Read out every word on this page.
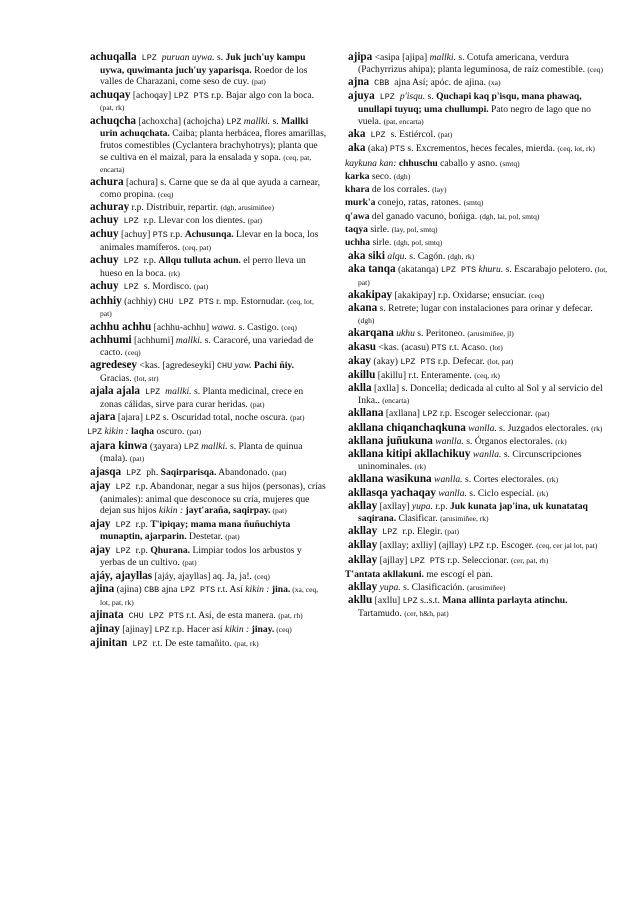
achuqalla LPZ puruan uywa. s. Juk juch'uy kampu uywa, quwimanta juch'uy yaparisqa. Roedor de los valles de Charazani, come seso de cuy. (pat)
achuqay [achoqay] LPZ PTS r.p. Bajar algo con la boca. (pat, rk)
achuqcha [achoxcha] (achojcha) LPZ mallki. s. Mallki urin achuqchata. Caiba; planta herbácea, flores amarillas, frutos comestibles (Cyclantera brachyhotrys); planta que se cultiva en el maizal, para la ensalada y sopa. (ceq, pat, encarta)
achura [achura] s. Carne que se da al que ayuda a carnear, como propina. (ceq)
achuray r.p. Distribuir, repartir. (dgh, arusimiñee)
achuy LPZ r.p. Llevar con los dientes. (pat)
achuy [achuy] PTS r.p. Achusunqa. Llevar en la boca, los animales mamíferos. (ceq, pat)
achuy LPZ r.p. Allqu tulluta achun. el perro lleva un hueso en la boca. (rk)
achuy LPZ s. Mordisco. (pat)
achhiy (achhiy) CHU LPZ PTS r. mp. Estornudar. (ceq, lot, pat)
achhu achhu [achhu-achhu] wawa. s. Castigo. (ceq)
achhumi [achhumi] mallki. s. Caracoré, una variedad de cacto. (ceq)
agredesey <kas. [agredeseyki] CHU yaw. Pachi ñiy. Gracias. (lot, str)
ajala ajala LPZ mallki. s. Planta medicinal, crece en zonas cálidas, sirve para curar heridas. (pat)
ajara [ajara] LPZ s. Oscuridad total, noche oscura. (pat)
LPZ kikin : laqha oscuro. (pat)
ajara kinwa (ʒayara) LPZ mallki. s. Planta de quinua (mala). (pat)
ajasqa LPZ ph. Saqirparisqa. Abandonado. (pat)
ajay LPZ r.p. Abandonar, negar a sus hijos (personas), crías (animales): animal que desconoce su cría, mujeres que dejan sus hijos kikin : jayt'araña, saqirpay. (pat)
ajay LPZ r.p. T'ipiqay; mama mana ñuñuchiyta munaptin, ajarparin. Destetar. (pat)
ajay LPZ r.p. Qhurana. Limpiar todos los arbustos y yerbas de un cultivo. (pat)
ajáy, ajayllas [ajáy, ajayllas] aq. Ja, ja!. (ceq)
ajina (ajina) CBB ajna LPZ PTS r.t. Así kikin : jina. (xa, ceq, lot, pat, rk)
ajinata CHU LPZ PTS r.t. Así, de esta manera. (pat, rh)
ajinay [ajinay] LPZ r.p. Hacer así kikin : jinay. (ceq)
ajinitan LPZ r.t. De este tamañito. (pat, rk)
ajipa <asipa [ajipa] mallki. s. Cotufa americana, verdura (Pachyrrizus ahipa); planta leguminosa, de raíz comestible. (ceq)
ajna CBB ajna Así; apóc. de ajina. (xa)
ajuya LPZ p'isqu. s. Quchapi kaq p'isqu, mana phawaq, unullapi tuyuq; uma chullumpi. Pato negro de lago que no vuela. (pat, encarta)
aka LPZ s. Estiércol. (pat)
aka (aka) PTS s. Excrementos, heces fecales, mierda. (ceq, lot, rk)
kaykuna kan: chhuschu caballo y asno. (smtq)
karka seco. (dgh)
khara de los corrales. (lay)
murk'a conejo, ratas, ratones. (smtq)
q'awa del ganado vacuno, bońiga. (dgh, lai, pol, smtq)
taqya sirle. (lay, pol, smtq)
uchha sirle. (dgh, pol, smtq)
aka siki alqu. s. Cagón. (dgh, rk)
aka tanqa (akatanqa) LPZ PTS khuru. s. Escarabajo pelotero. (lot, pat)
akakipay [akakipay] r.p. Oxidarse; ensuciar. (ceq)
akana s. Retrete; lugar con instalaciones para orinar y defecar. (dgh)
akarqana ukhu s. Peritoneo. (arusimiñee, jl)
akasu <kas. (acasu) PTS r.t. Acaso. (lot)
akay (akay) LPZ PTS r.p. Defecar. (lot, pat)
akillu [akillu] r.t. Enteramente. (ceq, rk)
aklla [axlla] s. Doncella; dedicada al culto al Sol y al servicio del Inka.. (encarta)
akllana [axllana] LPZ r.p. Escoger seleccionar. (pat)
akllana chiqanchaqkuna wanlla. s. Juzgados electorales. (rk)
akllana juñukuna wanlla. s. Órganos electorales. (rk)
akllana kitipi akllachikuy wanlla. s. Circunscripciones uninominales. (rk)
akllana wasikuna wanlla. s. Cortes electorales. (rk)
akllasqa yachaqay wanlla. s. Ciclo especial. (rk)
akllay [axllay] yupa. r.p. Juk kunata jap'ina, uk kunatataq saqirana. Clasificar. (arusimiñee, rk)
akllay LPZ r.p. Elegir. (pat)
akllay [axllay; axlliy] (ajllay) LPZ r.p. Escoger. (ceq, cer jal lot, pat)
akllay [ajllay] LPZ PTS r.p. Seleccionar. (cer, pat, rh)
T'antata akllakuni. me escogí el pan.
akllay yupa. s. Clasificación. (arusimiñee)
akllu [axllu] LPZ s..s.t. Mana allinta parlayta atinchu. Tartamudo. (cer, h&h, pat)
